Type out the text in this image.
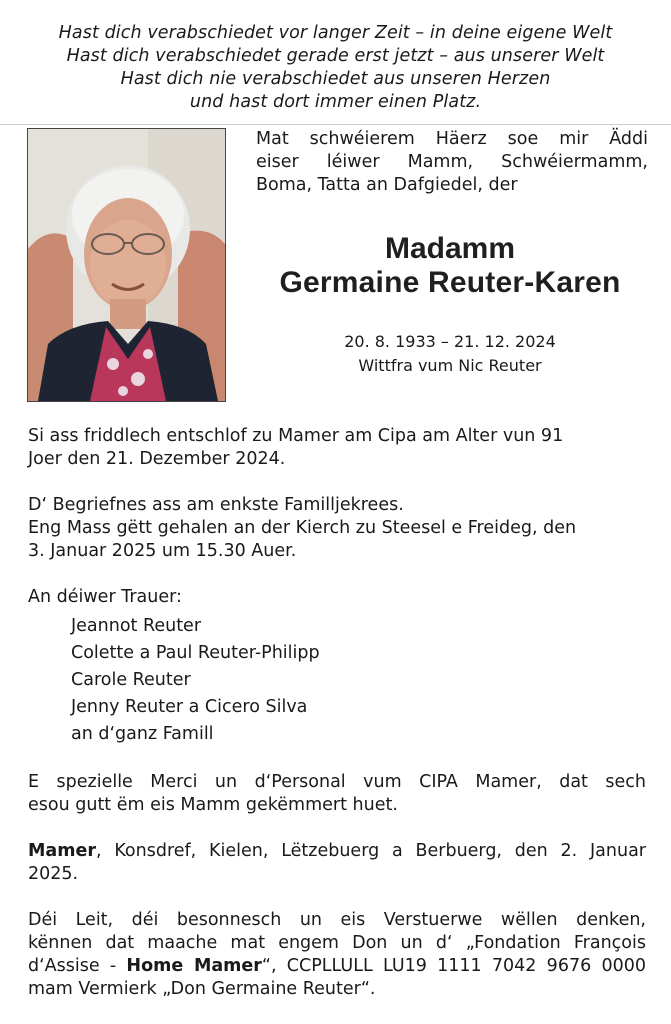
Hast dich verabschiedet vor langer Zeit – in deine eigene Welt
Hast dich verabschiedet gerade erst jetzt – aus unserer Welt
Hast dich nie verabschiedet aus unseren Herzen
und hast dort immer einen Platz.
Mat schwéierem Häerz soe mir Äddi
eiser léiwer Mamm, Schwéiermamm,
Boma, Tatta an Dafgiedel, der
Madamm
Germaine Reuter-Karen
20. 8. 1933 – 21. 12. 2024
Wittfra vum Nic Reuter
Si ass friddlech entschlof zu Mamer am Cipa am Alter vun 91
Joer den 21. Dezember 2024.
D‘ Begriefnes ass am enkste Familljekrees.
Eng Mass gëtt gehalen an der Kierch zu Steesel e Freideg, den
3. Januar 2025 um 15.30 Auer.
An déiwer Trauer:
Jeannot Reuter
Colette a Paul Reuter-Philipp
Carole Reuter
Jenny Reuter a Cicero Silva
an d‘ganz Famill
E spezielle Merci un d‘Personal vum CIPA Mamer, dat sech
esou gutt ëm eis Mamm gekëmmert huet.
Mamer, Konsdref, Kielen, Lëtzebuerg a Berbuerg, den 2. Januar
2025.
Déi Leit, déi besonnesch un eis Verstuerwe wëllen denken,
kënnen dat maache mat engem Don un d‘ „Fondation François
d‘Assise - Home Mamer“, CCPLLULL LU19 1111 7042 9676 0000
mam Vermierk „Don Germaine Reuter“.
